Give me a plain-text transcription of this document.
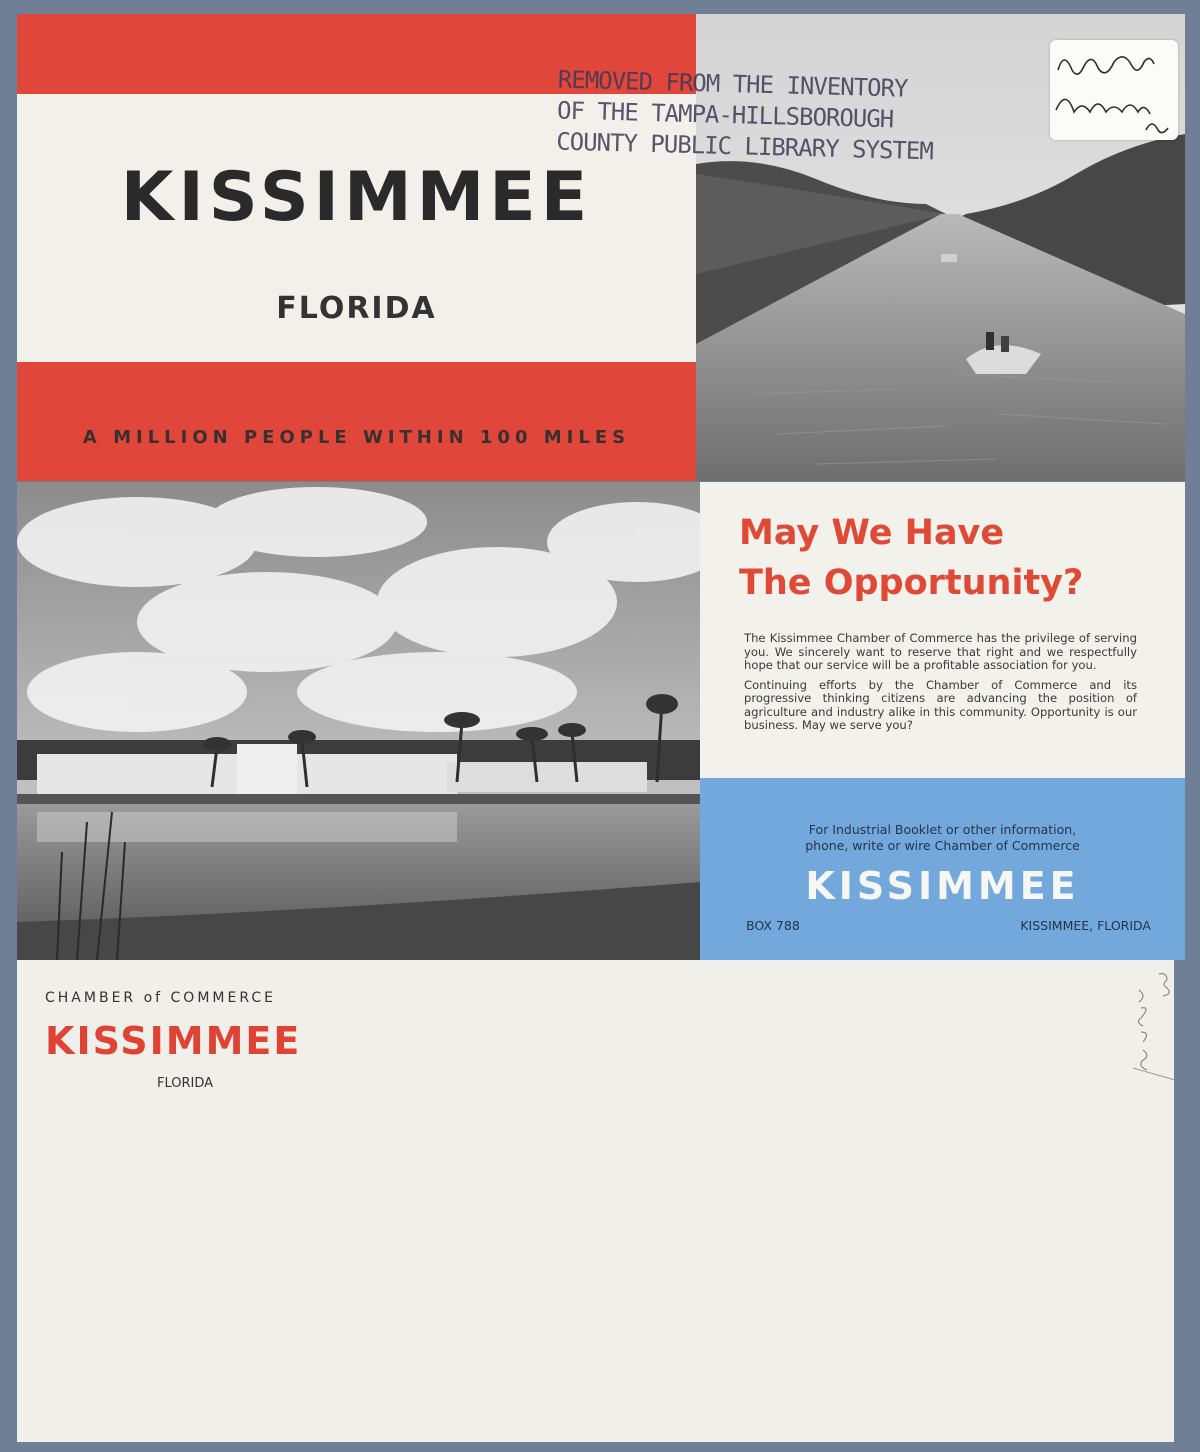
KISSIMMEE
FLORIDA
A MILLION PEOPLE WITHIN 100 MILES
REMOVED FROM THE INVENTORY
OF THE TAMPA-HILLSBOROUGH
COUNTY PUBLIC LIBRARY SYSTEM
May We Have
The Opportunity?

The Kissimmee Chamber of Commerce has the privilege of serving you. We sincerely want to reserve that right and we respectfully hope that our service will be a profitable association for you.

Continuing efforts by the Chamber of Commerce and its progressive thinking citizens are advancing the position of agriculture and industry alike in this community. Opportunity is our business. May we serve you?

For Industrial Booklet or other information,
phone, write or wire Chamber of Commerce
KISSIMMEE
BOX 788	KISSIMMEE, FLORIDA
CHAMBER of COMMERCE
KISSIMMEE
FLORIDA
